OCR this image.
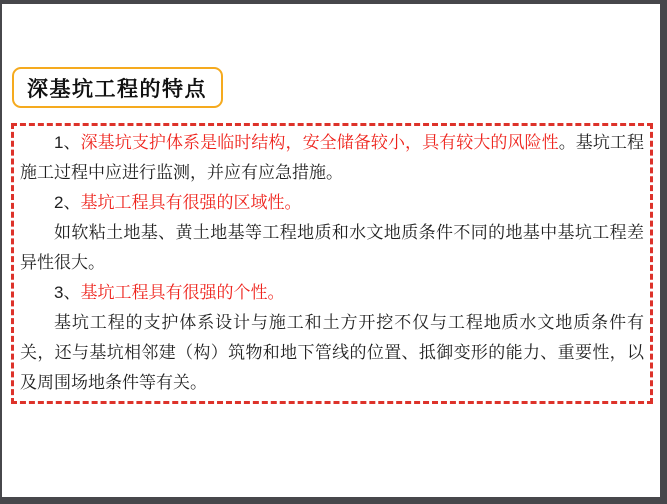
深基坑工程的特点

1、深基坑支护体系是临时结构，安全储备较小，具有较大的风险性。基坑工程施工过程中应进行监测，并应有应急措施。

2、基坑工程具有很强的区域性。

如软粘土地基、黄土地基等工程地质和水文地质条件不同的地基中基坑工程差异性很大。

3、基坑工程具有很强的个性。

基坑工程的支护体系设计与施工和土方开挖不仅与工程地质水文地质条件有关，还与基坑相邻建（构）筑物和地下管线的位置、抵御变形的能力、重要性，以及周围场地条件等有关。
